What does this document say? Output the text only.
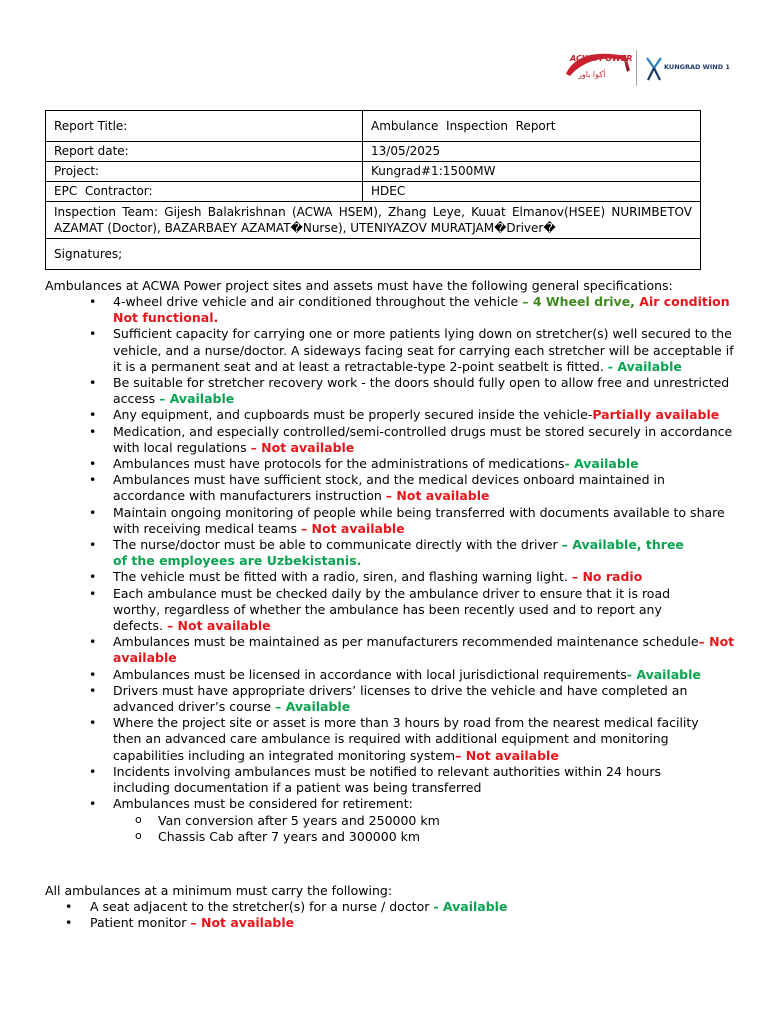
ACWA POWER
أكوا باور
KUNGRAD WIND 1
Report Title:	Ambulance  Inspection  Report
Report date:	13/05/2025
Project:	Kungrad#1:1500MW
EPC  Contractor:	HDEC
Inspection Team: Gijesh Balakrishnan (ACWA HSEM), Zhang Leye, Kuuat Elmanov(HSEE) NURIMBETOV AZAMAT (Doctor), BAZARBAEY AZAMAT�Nurse), UTENIYAZOV MURATJAM�Driver�	
Signatures;	
Ambulances at ACWA Power project sites and assets must have the following general specifications:
• 4-wheel drive vehicle and air conditioned throughout the vehicle – 4 Wheel drive, Air condition Not functional.
• Sufficient capacity for carrying one or more patients lying down on stretcher(s) well secured to the vehicle, and a nurse/doctor. A sideways facing seat for carrying each stretcher will be acceptable if it is a permanent seat and at least a retractable-type 2-point seatbelt is fitted. - Available
• Be suitable for stretcher recovery work - the doors should fully open to allow free and unrestricted access – Available
• Any equipment, and cupboards must be properly secured inside the vehicle-Partially available
• Medication, and especially controlled/semi-controlled drugs must be stored securely in accordance with local regulations – Not available
• Ambulances must have protocols for the administrations of medications- Available
• Ambulances must have sufficient stock, and the medical devices onboard maintained in accordance with manufacturers instruction – Not available
• Maintain ongoing monitoring of people while being transferred with documents available to share with receiving medical teams – Not available
• The nurse/doctor must be able to communicate directly with the driver – Available, three of the employees are Uzbekistanis.
• The vehicle must be fitted with a radio, siren, and flashing warning light. – No radio
• Each ambulance must be checked daily by the ambulance driver to ensure that it is road worthy, regardless of whether the ambulance has been recently used and to report any defects. – Not available
• Ambulances must be maintained as per manufacturers recommended maintenance schedule– Not available
• Ambulances must be licensed in accordance with local jurisdictional requirements- Available
• Drivers must have appropriate drivers’ licenses to drive the vehicle and have completed an advanced driver’s course – Available
• Where the project site or asset is more than 3 hours by road from the nearest medical facility then an advanced care ambulance is required with additional equipment and monitoring capabilities including an integrated monitoring system– Not available
• Incidents involving ambulances must be notified to relevant authorities within 24 hours including documentation if a patient was being transferred
• Ambulances must be considered for retirement:
o Van conversion after 5 years and 250000 km
o Chassis Cab after 7 years and 300000 km
All ambulances at a minimum must carry the following:
• A seat adjacent to the stretcher(s) for a nurse / doctor - Available
• Patient monitor – Not available
